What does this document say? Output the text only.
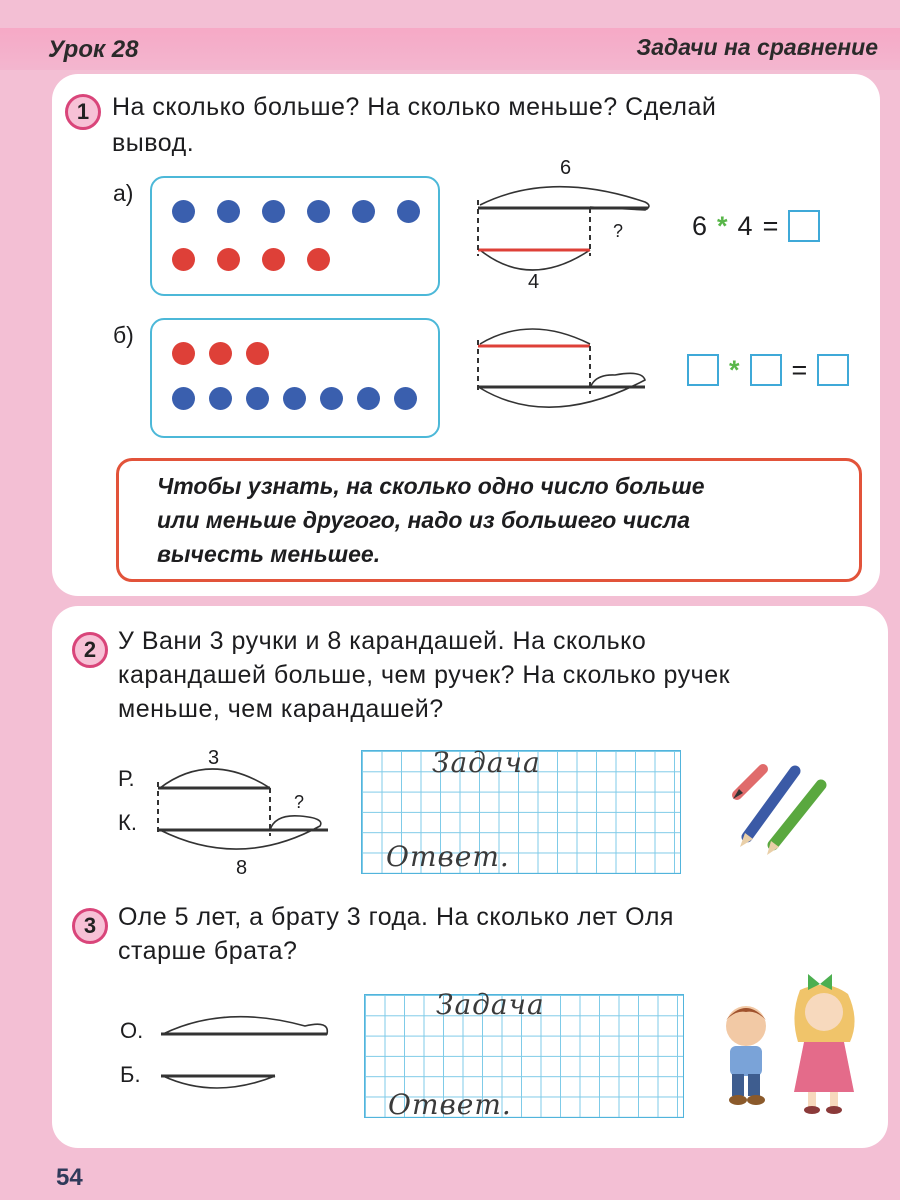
Урок 28	Задачи на сравнение
1 На сколько больше? На сколько меньше? Сделай
вывод.
а)
6
?
4
6 * 4 =
б)
* =
Чтобы узнать, на сколько одно число больше
или меньше другого, надо из большего числа
вычесть меньшее.
2 У Вани 3 ручки и 8 карандашей. На сколько
карандашей больше, чем ручек? На сколько ручек
меньше, чем карандашей?
Р.
К.
3
?
8
Задача
Ответ.
3 Оле 5 лет, а брату 3 года. На сколько лет Оля
старше брата?
О.
Б.
Задача
Ответ.
54
